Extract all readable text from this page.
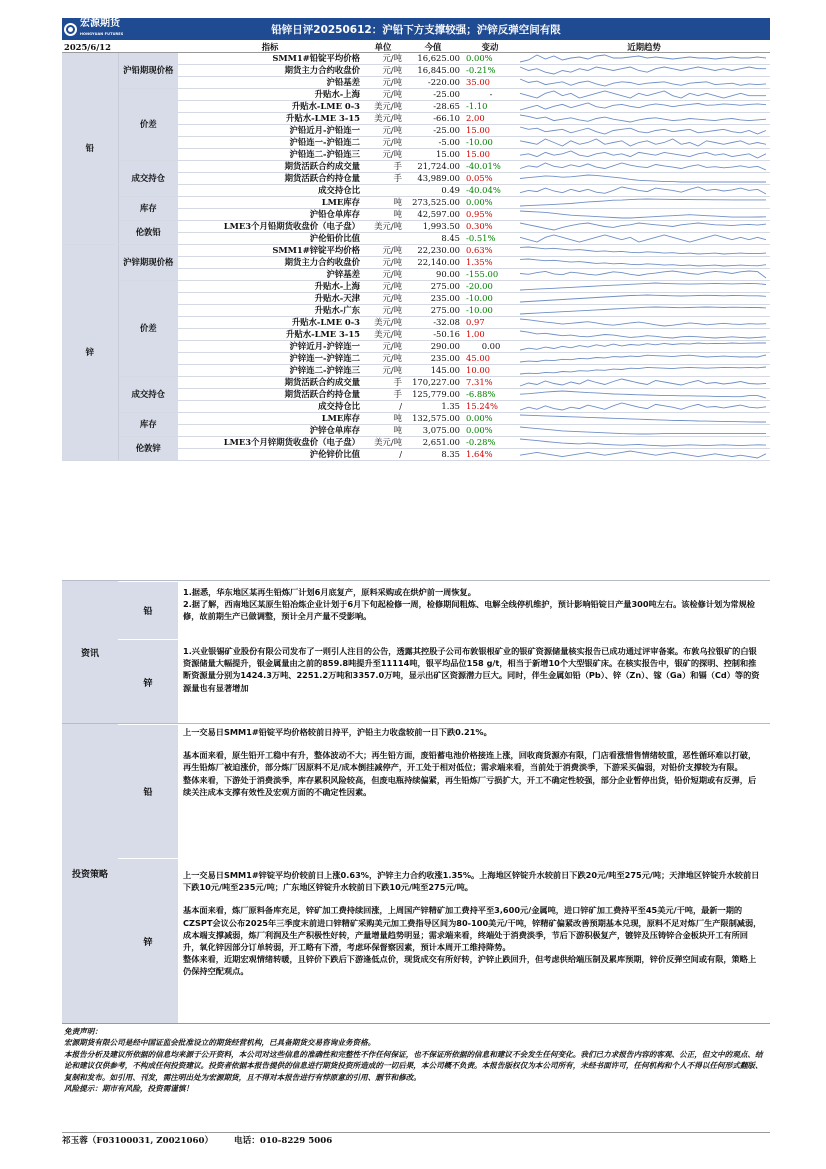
宏源期货
HONGYUAN FUTURES	铅锌日评20250612：沪铅下方支撑较强；沪锌反弹空间有限
2025/6/12		指标	单位	今值	变动	近期趋势
铅	沪铅期现价格	SMM1#铅锭平均价格	元/吨	16,625.00	0.00%	

		期货主力合约收盘价	元/吨	16,845.00	-0.21%	

		沪铅基差	元/吨	-220.00	35.00	

	价差	升贴水-上海	元/吨	-25.00	-	

		升贴水-LME 0-3	美元/吨	-28.65	-1.10	

		升贴水-LME 3-15	美元/吨	-66.10	2.00	

		沪铅近月-沪铅连一	元/吨	-25.00	15.00	

		沪铅连一-沪铅连二	元/吨	-5.00	-10.00	

		沪铅连二-沪铅连三	元/吨	15.00	15.00	

	成交持仓	期货活跃合约成交量	手	21,724.00	-40.01%	

		期货活跃合约持仓量	手	43,989.00	0.05%	

		成交持仓比		0.49	-40.04%	

	库存	LME库存	吨	273,525.00	0.00%	

		沪铅仓单库存	吨	42,597.00	0.95%	

	伦敦铅	LME3个月铅期货收盘价（电子盘）	美元/吨	1,993.50	0.30%	

		沪伦铅价比值		8.45	-0.51%	

锌	沪锌期现价格	SMM1#锌锭平均价格	元/吨	22,230.00	0.63%	

		期货主力合约收盘价	元/吨	22,140.00	1.35%	

		沪锌基差	元/吨	90.00	-155.00	

	价差	升贴水-上海	元/吨	275.00	-20.00	

		升贴水-天津	元/吨	235.00	-10.00	

		升贴水-广东	元/吨	275.00	-10.00	

		升贴水-LME 0-3	美元/吨	-32.08	0.97	

		升贴水-LME 3-15	美元/吨	-50.16	1.00	

		沪锌近月-沪锌连一	元/吨	290.00	0.00	

		沪锌连一-沪锌连二	元/吨	235.00	45.00	

		沪锌连二-沪锌连三	元/吨	145.00	10.00	

	成交持仓	期货活跃合约成交量	手	170,227.00	7.31%	

		期货活跃合约持仓量	手	125,779.00	-6.88%	

		成交持仓比	/	1.35	15.24%	

	库存	LME库存	吨	132,575.00	0.00%	

		沪锌仓单库存	吨	3,075.00	0.00%	

	伦敦锌	LME3个月锌期货收盘价（电子盘）	美元/吨	2,651.00	-0.28%	

		沪伦锌价比值	/	8.35	1.64%	
资讯
铅
锌

1.据悉，华东地区某再生铅炼厂计划6月底复产，原料采购或在烘炉前一周恢复。

2.据了解，西南地区某原生铅冶炼企业计划于6月下旬起检修一周，检修期间粗炼、电解全线停机维护，预计影响铅锭日产量300吨左右。该检修计划为常规检修，故前期生产已做调整，预计全月产量不受影响。

1.兴业银锡矿业股份有限公司发布了一则引人注目的公告，透露其控股子公司布敦银根矿业的银矿资源储量核实报告已成功通过评审备案。布敦乌拉银矿的白银资源储量大幅提升，银金属量由之前的859.8吨提升至11114吨，银平均品位158 g/t，相当于新增10个大型银矿床。在核实报告中，银矿的探明、控制和推断资源量分别为1424.3万吨、2251.2万吨和3357.0万吨，显示出矿区资源潜力巨大。同时，伴生金属如铅（Pb）、锌（Zn）、镓（Ga）和镉（Cd）等的资源量也有显著增加

投资策略
铅
锌

上一交易日SMM1#铅锭平均价格较前日持平，沪铅主力收盘较前一日下跌0.21%。

基本面来看，原生铅开工稳中有升，整体波动不大；再生铅方面，废铅蓄电池价格接连上涨，回收商货源亦有限，门店看涨惜售情绪较重，恶性循环难以打破，再生铅炼厂被迫涨价，部分炼厂因原料不足/成本倒挂减停产，开工处于相对低位；需求端来看，当前处于消费淡季，下游采买偏弱，对铅价支撑较为有限。

整体来看，下游处于消费淡季，库存累积风险较高，但废电瓶持续偏紧，再生铅炼厂亏损扩大，开工不确定性较强，部分企业暂停出货，铅价短期或有反弹，后续关注成本支撑有效性及宏观方面的不确定性因素。

上一交易日SMM1#锌锭平均价较前日上涨0.63%，沪锌主力合约收涨1.35%。上海地区锌锭升水较前日下跌20元/吨至275元/吨；天津地区锌锭升水较前日下跌10元/吨至235元/吨；广东地区锌锭升水较前日下跌10元/吨至275元/吨。

基本面来看，炼厂原料备库充足，锌矿加工费持续回涨，上周国产锌精矿加工费持平至3,600元/金属吨，进口锌矿加工费持平至45美元/干吨，最新一期的CZSPT会议公布2025年三季度末前进口锌精矿采购美元加工费指导区间为80-100美元/干吨，锌精矿偏紧改善预期基本兑现，原料不足对炼厂生产限制减弱，成本端支撑减弱，炼厂利润及生产积极性好转，产量增量趋势明显；需求端来看，终端处于消费淡季，节后下游积极复产，镀锌及压铸锌合金板块开工有所回升，氧化锌因部分订单转弱，开工略有下滑，考虑环保督察因素，预计本周开工维持降势。

整体来看，近期宏观情绪转暖，且锌价下跌后下游逢低点价，现货成交有所好转，沪锌止跌回升，但考虑供给端压制及累库预期，锌价反弹空间或有限，策略上仍保持空配观点。

免责声明：

宏源期货有限公司是经中国证监会批准设立的期货经营机构，已具备期货交易咨询业务资格。

本报告分析及建议所依据的信息均来源于公开资料，本公司对这些信息的准确性和完整性不作任何保证，也不保证所依据的信息和建议不会发生任何变化。我们已力求报告内容的客观、公正，但文中的观点、结论和建议仅供参考，不构成任何投资建议。投资者依据本报告提供的信息进行期货投资所造成的一切后果，本公司概不负责。本报告版权仅为本公司所有，未经书面许可，任何机构和个人不得以任何形式翻版、复制和发布。如引用、刊发，需注明出处为宏源期货，且不得对本报告进行有悖原意的引用、删节和修改。

风险提示：期市有风险，投资需谨慎！

祁玉蓉（F03100031, Z0021060） 电话：010-8229 5006
